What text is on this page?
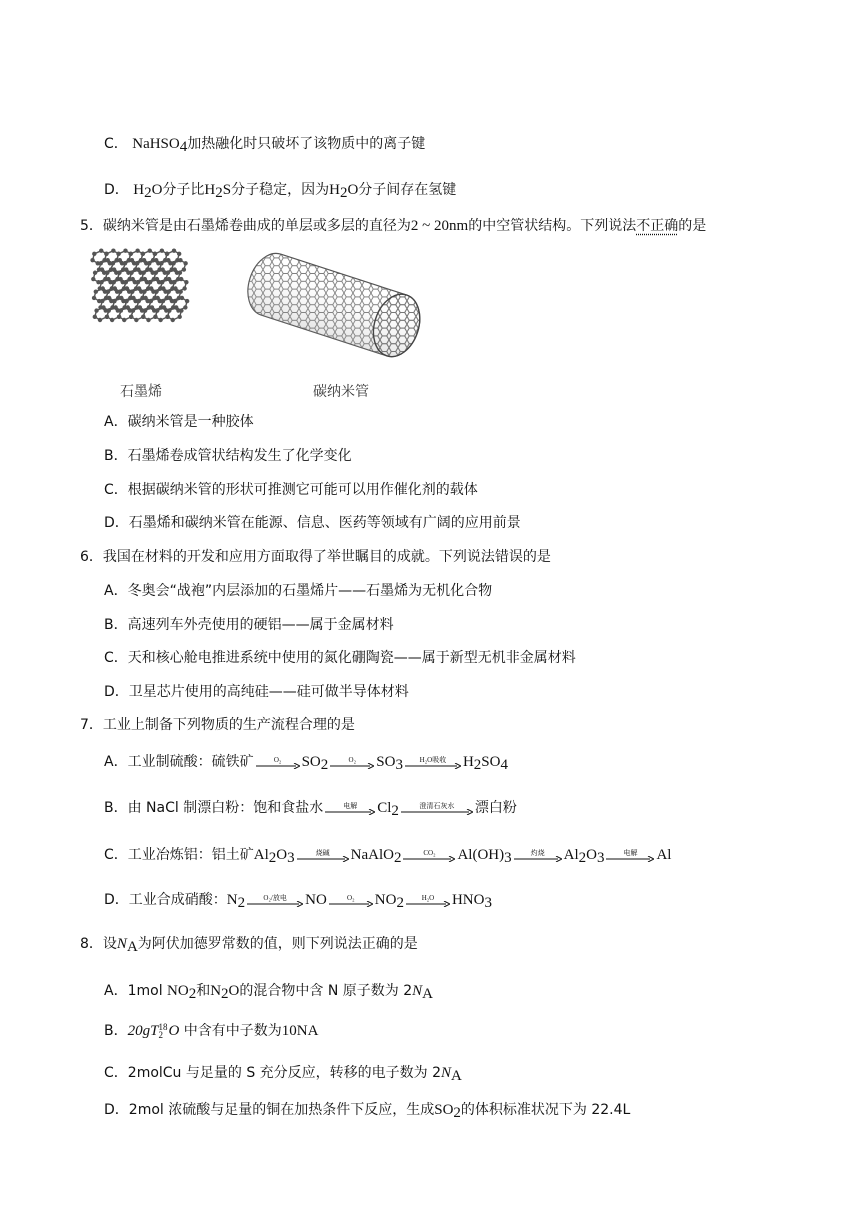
C． NaHSO$_4$加热融化时只破坏了该物质中的离子键
D． $H_2O$分子比$H_2S$分子稳定，因为$H_2O$分子间存在氢键
5．碳纳米管是由石墨烯卷曲成的单层或多层的直径为2 ~ 20nm的中空管状结构。下列说法不正确的是
石墨烯	碳纳米管
A．碳纳米管是一种胶体
B．石墨烯卷成管状结构发生了化学变化
C．根据碳纳米管的形状可推测它可能可以用作催化剂的载体
D．石墨烯和碳纳米管在能源、信息、医药等领域有广阔的应用前景
6．我国在材料的开发和应用方面取得了举世瞩目的成就。下列说法错误的是
A．冬奥会“战袍”内层添加的石墨烯片——石墨烯为无机化合物
B．高速列车外壳使用的硬铝——属于金属材料
C．天和核心舱电推进系统中使用的氮化硼陶瓷——属于新型无机非金属材料
D．卫星芯片使用的高纯硅——硅可做半导体材料
7．工业上制备下列物质的生产流程合理的是
A．工业制硫酸：硫铁矿	O₂	$SO_2$	O₂	$SO_3$	H₂O吸收	$H_2SO_4$
B．由 NaCl 制漂白粉：饱和食盐水	电解	$Cl_2$	澄清石灰水	漂白粉
C．工业冶炼铝：铝土矿$Al_2O_3$	烧碱	NaAlO$_2$	CO₂	$Al(OH)_3$	灼烧	$Al_2O_3$	电解	Al
D．工业合成硝酸：$N_2$	O₂/放电	NO	O₂	$NO_2$	H₂O	$HNO_3$
8．设$N_A$为阿伏加德罗常数的值，则下列说法正确的是
A．1mol $NO_2$和$N_2O$的混合物中含 N 原子数为 $2N_A$
B．20gT 18
2 O 中含有中子数为10NA
C．2molCu 与足量的 S 充分反应，转移的电子数为 $2N_A$
D．2mol 浓硫酸与足量的铜在加热条件下反应，生成$SO_2$的体积标准状况下为 22.4L
